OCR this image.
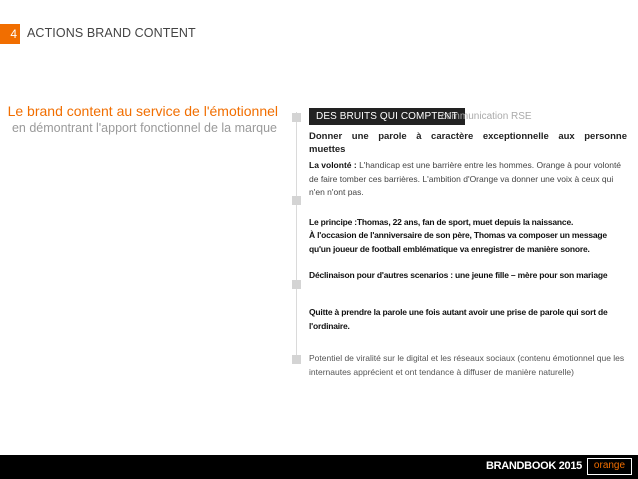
4 ACTIONS BRAND CONTENT
Le brand content au service de l'émotionnel
en démontrant l'apport fonctionnel de la marque
DES BRUITS QUI COMPTENT
communication RSE
Donner une parole à caractère exceptionnelle aux personne muettes
La volonté : L'handicap est une barrière entre les hommes. Orange à pour volonté de faire tomber ces barrières. L'ambition d'Orange va donner une voix à ceux qui n'en n'ont pas.
Le principe :Thomas, 22 ans, fan de sport, muet depuis la naissance.
À l'occasion de l'anniversaire de son père, Thomas va composer un message qu'un joueur de football emblématique va enregistrer de manière sonore.
Déclinaison pour d'autres scenarios : une jeune fille – mère pour son mariage
Quitte à prendre la parole une fois autant avoir une prise de parole qui sort de l'ordinaire.
Potentiel de viralité sur le digital et les réseaux sociaux (contenu émotionnel que les internautes apprécient et ont tendance à diffuser de manière naturelle)
BRANDBOOK 2015	orange
